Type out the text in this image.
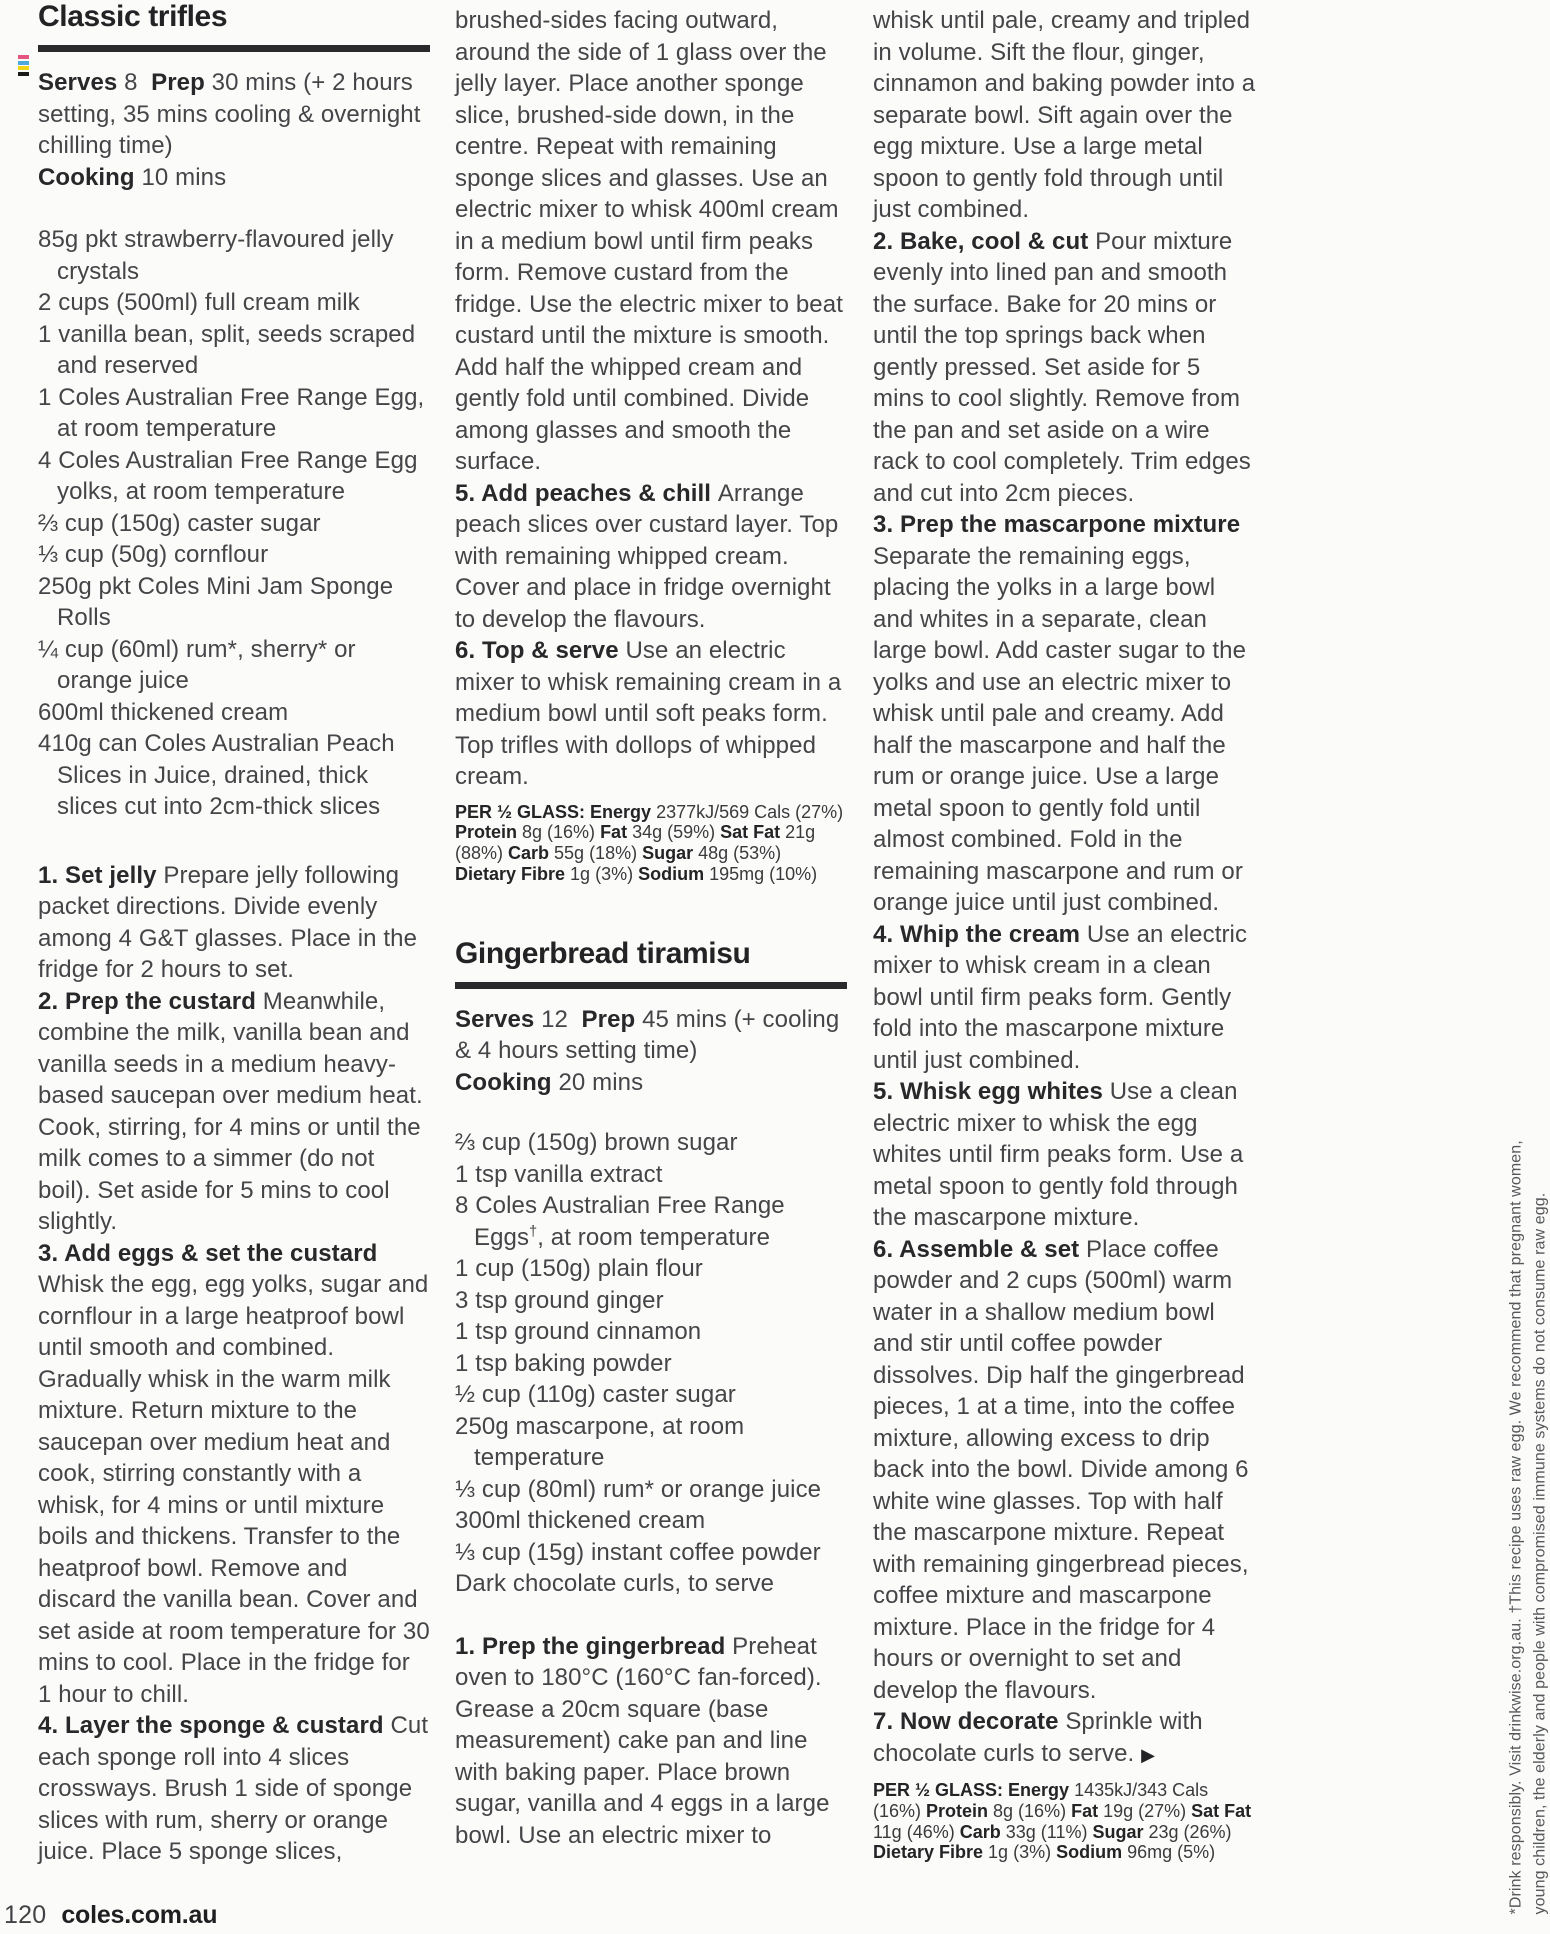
Classic trifles

Serves 8  Prep 30 mins (+ 2 hours setting, 35 mins cooling & overnight chilling time)
Cooking 10 mins

85g pkt strawberry-flavoured jelly crystals

2 cups (500ml) full cream milk

1 vanilla bean, split, seeds scraped and reserved

1 Coles Australian Free Range Egg, at room temperature

4 Coles Australian Free Range Egg yolks, at room temperature

⅔ cup (150g) caster sugar

⅓ cup (50g) cornflour

250g pkt Coles Mini Jam Sponge Rolls

¼ cup (60ml) rum*, sherry* or orange juice

600ml thickened cream

410g can Coles Australian Peach Slices in Juice, drained, thick slices cut into 2cm-thick slices

1. Set jelly Prepare jelly following packet directions. Divide evenly among 4 G&T glasses. Place in the fridge for 2 hours to set.

2. Prep the custard Meanwhile, combine the milk, vanilla bean and vanilla seeds in a medium heavy-based saucepan over medium heat. Cook, stirring, for 4 mins or until the milk comes to a simmer (do not boil). Set aside for 5 mins to cool slightly.

3. Add eggs & set the custard Whisk the egg, egg yolks, sugar and cornflour in a large heatproof bowl until smooth and combined. Gradually whisk in the warm milk mixture. Return mixture to the saucepan over medium heat and cook, stirring constantly with a whisk, for 4 mins or until mixture boils and thickens. Transfer to the heatproof bowl. Remove and discard the vanilla bean. Cover and set aside at room temperature for 30 mins to cool. Place in the fridge for 1 hour to chill.

4. Layer the sponge & custard Cut each sponge roll into 4 slices crossways. Brush 1 side of sponge slices with rum, sherry or orange juice. Place 5 sponge slices,

brushed-sides facing outward, around the side of 1 glass over the jelly layer. Place another sponge slice, brushed-side down, in the centre. Repeat with remaining sponge slices and glasses. Use an electric mixer to whisk 400ml cream in a medium bowl until firm peaks form. Remove custard from the fridge. Use the electric mixer to beat custard until the mixture is smooth. Add half the whipped cream and gently fold until combined. Divide among glasses and smooth the surface.

5. Add peaches & chill Arrange peach slices over custard layer. Top with remaining whipped cream. Cover and place in fridge overnight to develop the flavours.

6. Top & serve Use an electric mixer to whisk remaining cream in a medium bowl until soft peaks form. Top trifles with dollops of whipped cream.

PER ½ GLASS: Energy 2377kJ/569 Cals (27%) Protein 8g (16%) Fat 34g (59%) Sat Fat 21g (88%) Carb 55g (18%) Sugar 48g (53%) Dietary Fibre 1g (3%) Sodium 195mg (10%)

Gingerbread tiramisu

Serves 12  Prep 45 mins (+ cooling & 4 hours setting time)
Cooking 20 mins

⅔ cup (150g) brown sugar

1 tsp vanilla extract

8 Coles Australian Free Range Eggs†, at room temperature

1 cup (150g) plain flour

3 tsp ground ginger

1 tsp ground cinnamon

1 tsp baking powder

½ cup (110g) caster sugar

250g mascarpone, at room temperature

⅓ cup (80ml) rum* or orange juice

300ml thickened cream

⅓ cup (15g) instant coffee powder

Dark chocolate curls, to serve

1. Prep the gingerbread Preheat oven to 180°C (160°C fan-forced). Grease a 20cm square (base measurement) cake pan and line with baking paper. Place brown sugar, vanilla and 4 eggs in a large bowl. Use an electric mixer to

whisk until pale, creamy and tripled in volume. Sift the flour, ginger, cinnamon and baking powder into a separate bowl. Sift again over the egg mixture. Use a large metal spoon to gently fold through until just combined.

2. Bake, cool & cut Pour mixture evenly into lined pan and smooth the surface. Bake for 20 mins or until the top springs back when gently pressed. Set aside for 5 mins to cool slightly. Remove from the pan and set aside on a wire rack to cool completely. Trim edges and cut into 2cm pieces.

3. Prep the mascarpone mixture Separate the remaining eggs, placing the yolks in a large bowl and whites in a separate, clean large bowl. Add caster sugar to the yolks and use an electric mixer to whisk until pale and creamy. Add half the mascarpone and half the rum or orange juice. Use a large metal spoon to gently fold until almost combined. Fold in the remaining mascarpone and rum or orange juice until just combined.

4. Whip the cream Use an electric mixer to whisk cream in a clean bowl until firm peaks form. Gently fold into the mascarpone mixture until just combined.

5. Whisk egg whites Use a clean electric mixer to whisk the egg whites until firm peaks form. Use a metal spoon to gently fold through the mascarpone mixture.

6. Assemble & set Place coffee powder and 2 cups (500ml) warm water in a shallow medium bowl and stir until coffee powder dissolves. Dip half the gingerbread pieces, 1 at a time, into the coffee mixture, allowing excess to drip back into the bowl. Divide among 6 white wine glasses. Top with half the mascarpone mixture. Repeat with remaining gingerbread pieces, coffee mixture and mascarpone mixture. Place in the fridge for 4 hours or overnight to set and develop the flavours.

7. Now decorate Sprinkle with chocolate curls to serve. ▶

PER ½ GLASS: Energy 1435kJ/343 Cals (16%) Protein 8g (16%) Fat 19g (27%) Sat Fat 11g (46%) Carb 33g (11%) Sugar 23g (26%) Dietary Fibre 1g (3%) Sodium 96mg (5%)	*Drink responsibly. Visit drinkwise.org.au. †This recipe uses raw egg. We recommend that pregnant women, young children, the elderly and people with compromised immune systems do not consume raw egg.
120 coles.com.au
